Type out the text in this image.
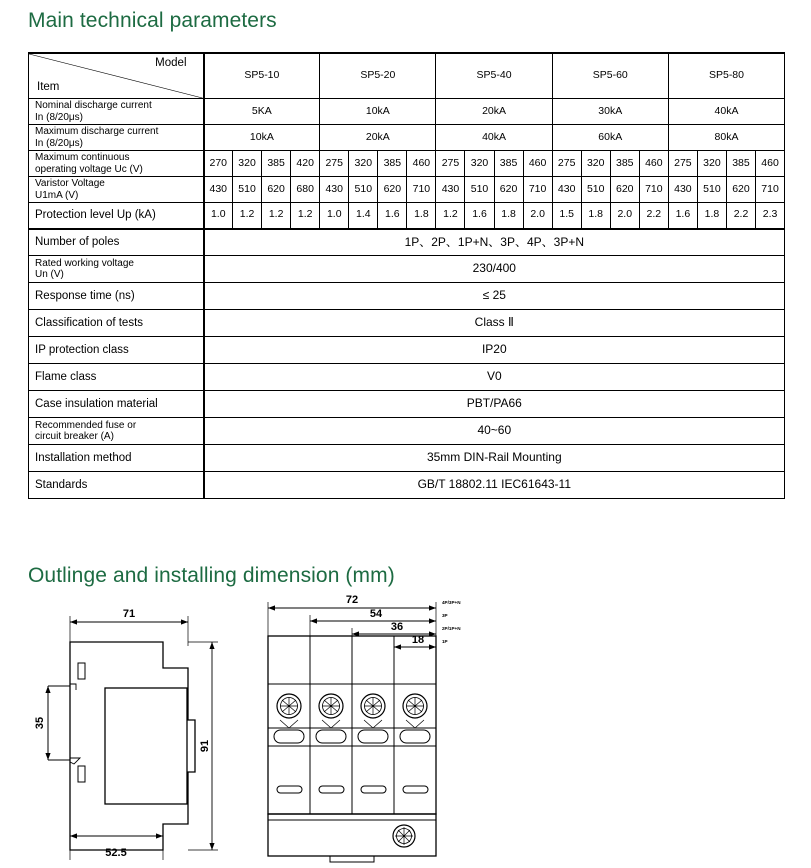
Main technical parameters
Model
Item	SP5-10				SP5-20				SP5-40				SP5-60				SP5-80			

Nominal discharge current
In (8/20μs)	5KA				10kA				20kA				30kA				40kA			

Maximum discharge current
In (8/20μs)	10kA				20kA				40kA				60kA				80kA			

Maximum continuous
operating voltage Uc (V)	270	320	385	420	275	320	385	460	275	320	385	460	275	320	385	460	275	320	385	460

Varistor Voltage
U1mA (V)	430	510	620	680	430	510	620	710	430	510	620	710	430	510	620	710	430	510	620	710
Protection level Up (kA)	1.0	1.2	1.2	1.2	1.0	1.4	1.6	1.8	1.2	1.6	1.8	2.0	1.5	1.8	2.0	2.2	1.6	1.8	2.2	2.3
Number of poles	1P、2P、1P+N、3P、4P、3P+N																			

Rated working voltage
Un (V)	230/400																			
Response time (ns)	≤ 25																			
Classification of tests	Class Ⅱ																			
IP protection class	IP20																			
Flame class	V0																			
Case insulation material	PBT/PA66																			

Recommended fuse or
circuit breaker (A)	40~60																			
Installation method	35mm DIN-Rail Mounting																			
Standards	GB/T 18802.11 IEC61643-11																			
Outlinge and installing dimension (mm)
71
91
52.5
35
72
54
36
18
4P/3P+N
3P
2P/1P+N
1P
